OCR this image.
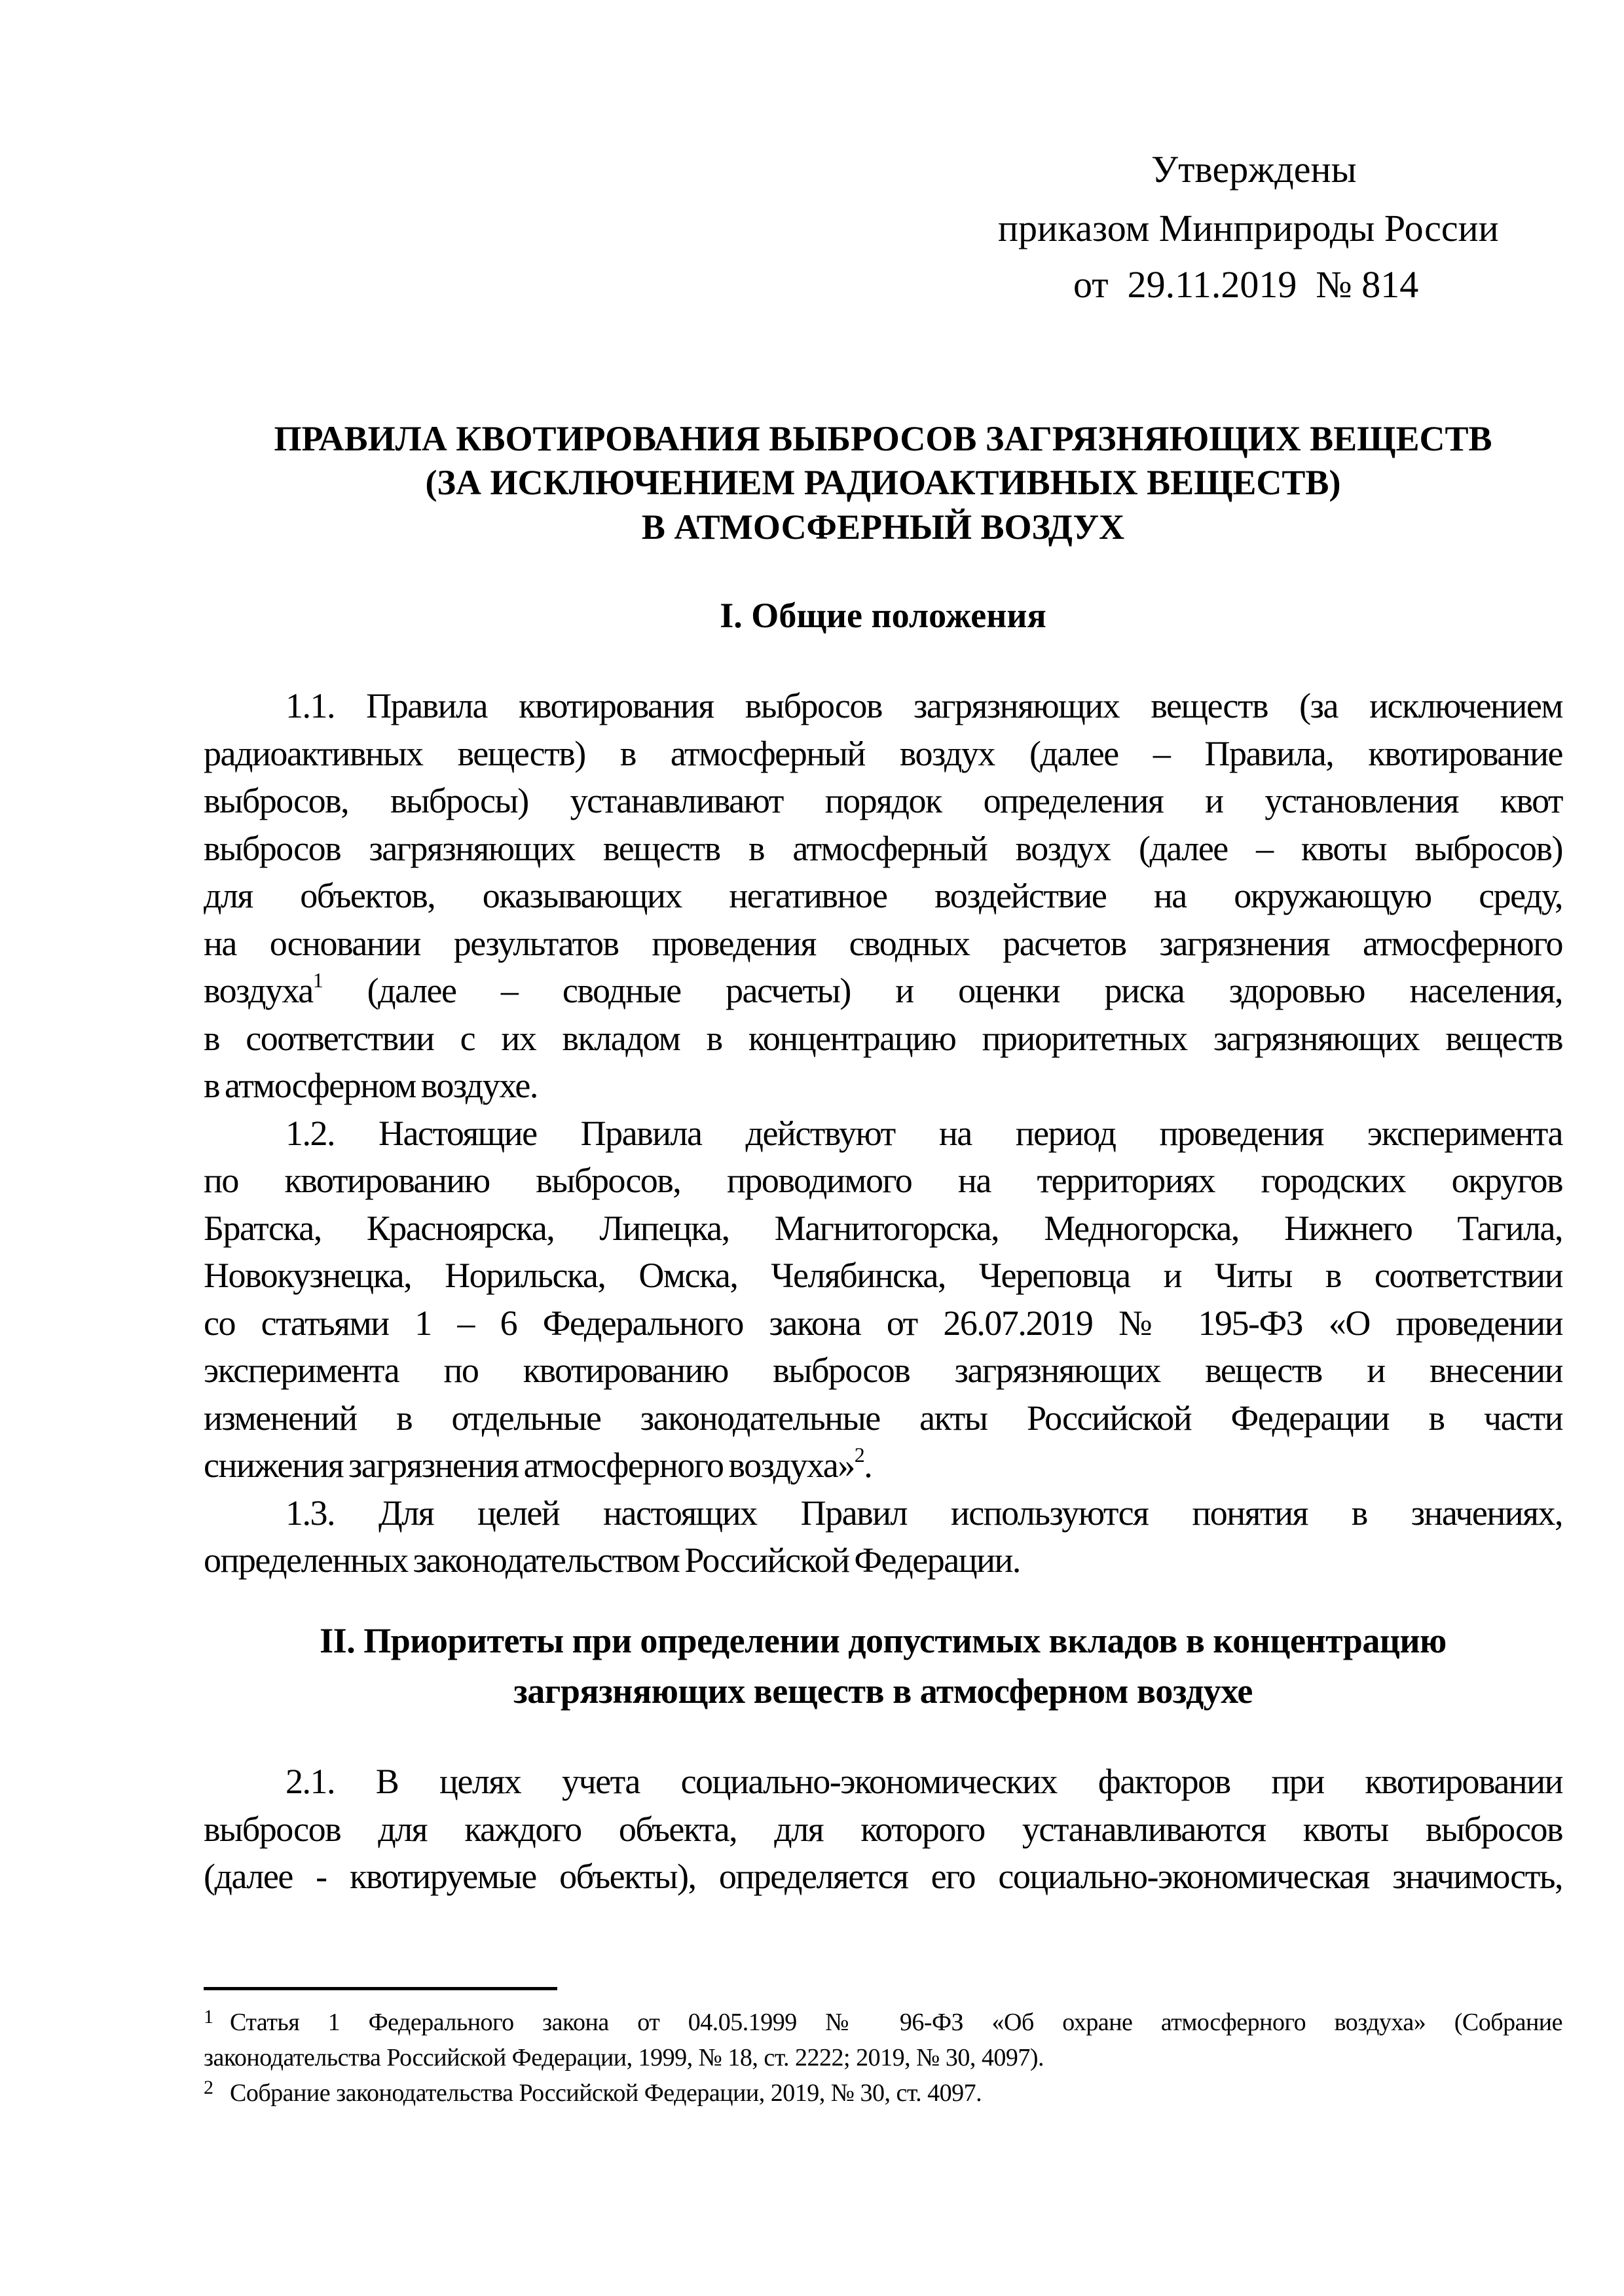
Утверждены
приказом Минприроды России
от  29.11.2019  № 814
ПРАВИЛА КВОТИРОВАНИЯ ВЫБРОСОВ ЗАГРЯЗНЯЮЩИХ ВЕЩЕСТВ
(ЗА ИСКЛЮЧЕНИЕМ РАДИОАКТИВНЫХ ВЕЩЕСТВ)
В АТМОСФЕРНЫЙ ВОЗДУХ
I. Общие положения
1.1. Правила квотирования выбросов загрязняющих веществ (за исключением
радиоактивных веществ) в атмосферный воздух (далее – Правила, квотирование
выбросов, выбросы) устанавливают порядок определения и установления квот
выбросов загрязняющих веществ в атмосферный воздух (далее – квоты выбросов)
для объектов, оказывающих негативное воздействие на окружающую среду,
на основании результатов проведения сводных расчетов загрязнения атмосферного
воздуха$^1$ (далее – сводные расчеты) и оценки риска здоровью населения,
в соответствии с их вкладом в концентрацию приоритетных загрязняющих веществ
в атмосферном воздухе.
1.2. Настоящие Правила действуют на период проведения эксперимента
по квотированию выбросов, проводимого на территориях городских округов
Братска, Красноярска, Липецка, Магнитогорска, Медногорска, Нижнего Тагила,
Новокузнецка, Норильска, Омска, Челябинска, Череповца и Читы в соответствии
со статьями 1 – 6 Федерального закона от 26.07.2019 № 195-ФЗ «О проведении
эксперимента по квотированию выбросов загрязняющих веществ и внесении
изменений в отдельные законодательные акты Российской Федерации в части
снижения загрязнения атмосферного воздуха»$^2$.
1.3. Для целей настоящих Правил используются понятия в значениях,
определенных законодательством Российской Федерации.
II. Приоритеты при определении допустимых вкладов в концентрацию
загрязняющих веществ в атмосферном воздухе
2.1. В целях учета социально-экономических факторов при квотировании
выбросов для каждого объекта, для которого устанавливаются квоты выбросов
(далее - квотируемые объекты), определяется его социально-экономическая значимость,
1 Статья 1 Федерального закона от 04.05.1999 № 96-ФЗ «Об охране атмосферного воздуха» (Собрание
законодательства Российской Федерации, 1999, № 18, ст. 2222; 2019, № 30, 4097).
2 Собрание законодательства Российской Федерации, 2019, № 30, ст. 4097.
